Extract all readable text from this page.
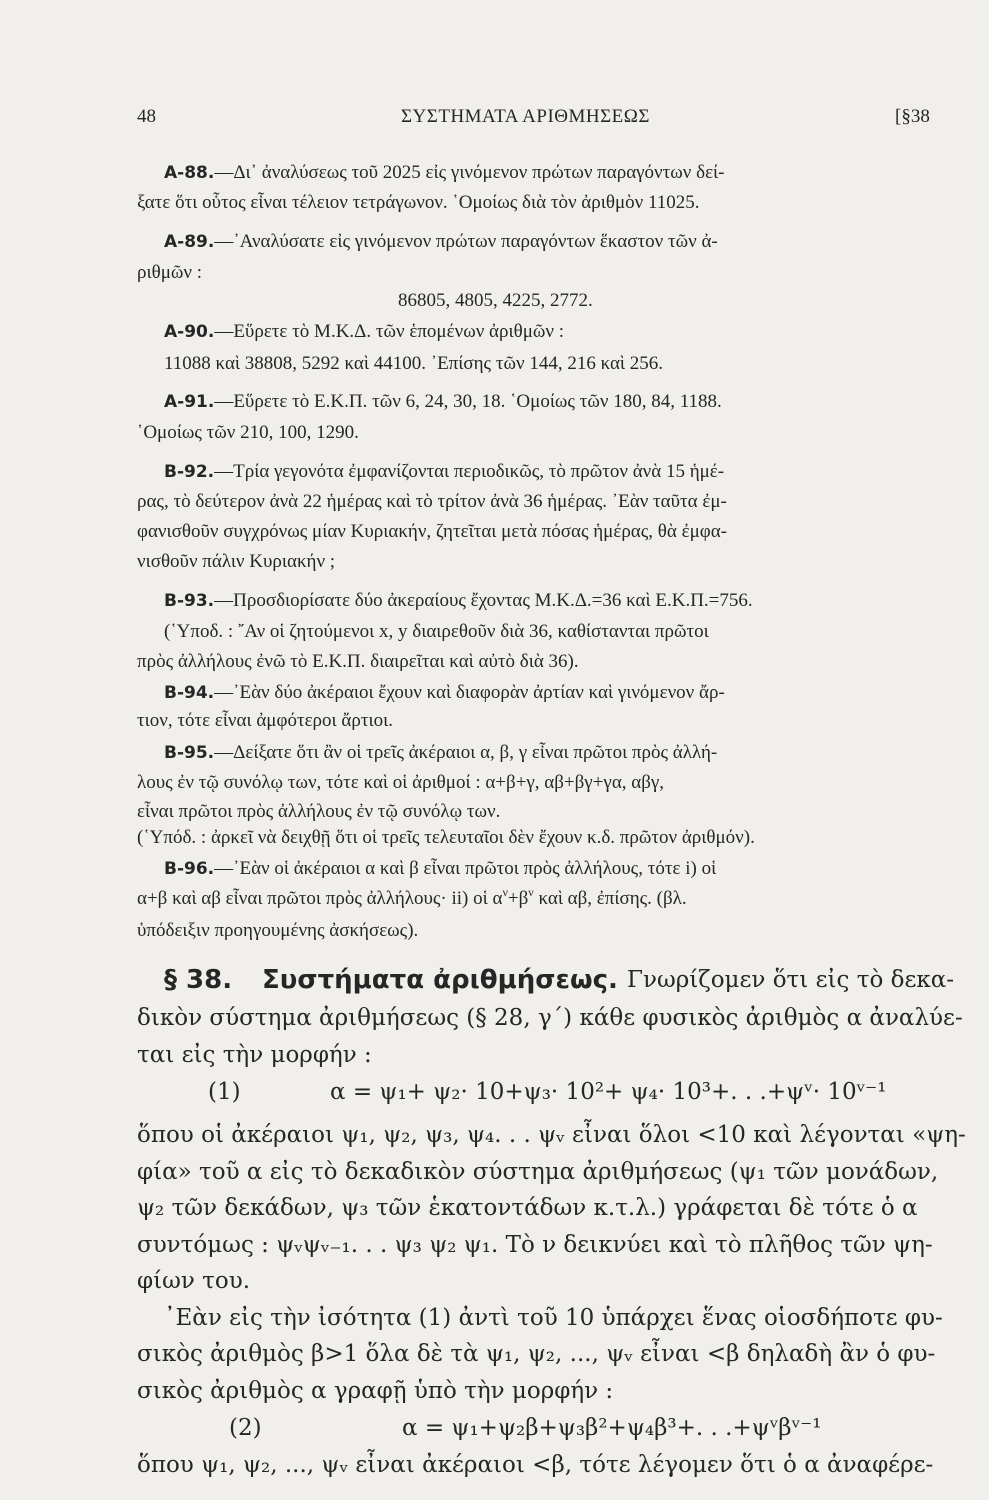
48	ΣΥΣΤΗΜΑΤΑ ΑΡΙΘΜΗΣΕΩΣ	[§38
A-88.—Δι᾿ ἀναλύσεως τοῦ 2025 εἰς γινόμενον πρώτων παραγόντων δεί-
ξατε ὅτι οὗτος εἶναι τέλειον τετράγωνον. ῾Ομοίως διὰ τὸν ἀριθμὸν 11025.
A-89.—᾿Αναλύσατε εἰς γινόμενον πρώτων παραγόντων ἕκαστον τῶν ἀ-
ριθμῶν :
86805, 4805, 4225, 2772.
A-90.—Εὕρετε τὸ Μ.Κ.Δ. τῶν ἑπομένων ἀριθμῶν :
11088 καὶ 38808, 5292 καὶ 44100. ᾿Επίσης τῶν 144, 216 καὶ 256.
A-91.—Εὕρετε τὸ Ε.Κ.Π. τῶν 6, 24, 30, 18. ῾Ομοίως τῶν 180, 84, 1188.
῾Ομοίως τῶν 210, 100, 1290.
B-92.—Τρία γεγονότα ἐμφανίζονται περιοδικῶς, τὸ πρῶτον ἀνὰ 15 ἡμέ-
ρας, τὸ δεύτερον ἀνὰ 22 ἡμέρας καὶ τὸ τρίτον ἀνὰ 36 ἡμέρας. ᾿Εὰν ταῦτα ἐμ-
φανισθοῦν συγχρόνως μίαν Κυριακήν, ζητεῖται μετὰ πόσας ἡμέρας, θὰ ἐμφα-
νισθοῦν πάλιν Κυριακήν ;
B-93.—Προσδιορίσατε δύο ἀκεραίους ἔχοντας Μ.Κ.Δ.=36 καὶ Ε.Κ.Π.=756.
(῾Υποδ. : ῎Αν οἱ ζητούμενοι x, y διαιρεθοῦν διὰ 36, καθίστανται πρῶτοι
πρὸς ἀλλήλους ἐνῶ τὸ Ε.Κ.Π. διαιρεῖται καὶ αὐτὸ διὰ 36).
B-94.—᾿Εὰν δύο ἀκέραιοι ἔχουν καὶ διαφορὰν ἀρτίαν καὶ γινόμενον ἄρ-
τιον, τότε εἶναι ἀμφότεροι ἄρτιοι.
B-95.—Δείξατε ὅτι ἂν οἱ τρεῖς ἀκέραιοι α, β, γ εἶναι πρῶτοι πρὸς ἀλλή-
λους ἐν τῷ συνόλῳ των, τότε καὶ οἱ ἀριθμοί : α+β+γ, αβ+βγ+γα, αβγ,
εἶναι πρῶτοι πρὸς ἀλλήλους ἐν τῷ συνόλῳ των.
(῾Υπόδ. : ἀρκεῖ νὰ δειχθῇ ὅτι οἱ τρεῖς τελευταῖοι δὲν ἔχουν κ.δ. πρῶτον ἀριθμόν).
B-96.—᾿Εὰν οἱ ἀκέραιοι α καὶ β εἶναι πρῶτοι πρὸς ἀλλήλους, τότε i) οἱ
α+β καὶ αβ εἶναι πρῶτοι πρὸς ἀλλήλους· ii) οἱ $\alpha^\nu+\beta^\nu$ καὶ αβ, ἐπίσης. (βλ.
ὑπόδειξιν προηγουμένης ἀσκήσεως).
§ 38. Συστήματα ἀριθμήσεως. Γνωρίζομεν ὅτι εἰς τὸ δεκα-
δικὸν σύστημα ἀριθμήσεως (§ 28, γ΄) κάθε φυσικὸς ἀριθμὸς α ἀναλύε-
ται εἰς τὴν μορφήν :
(1)	α = ψ₁+ ψ₂· 10+ψ₃· 10²+ ψ₄· 10³+. . .+ψᵛ· 10ᵛ⁻¹
ὅπου οἱ ἀκέραιοι ψ₁, ψ₂, ψ₃, ψ₄. . . ψᵥ εἶναι ὅλοι <10 καὶ λέγονται «ψη-
φία» τοῦ α εἰς τὸ δεκαδικὸν σύστημα ἀριθμήσεως (ψ₁ τῶν μονάδων,
ψ₂ τῶν δεκάδων, ψ₃ τῶν ἑκατοντάδων κ.τ.λ.) γράφεται δὲ τότε ὁ α
συντόμως : ψᵥψᵥ₋₁. . . ψ₃ ψ₂ ψ₁. Τὸ ν δεικνύει καὶ τὸ πλῆθος τῶν ψη-
φίων του.
᾿Εὰν εἰς τὴν ἰσότητα (1) ἀντὶ τοῦ 10 ὑπάρχει ἕνας οἱοσδήποτε φυ-
σικὸς ἀριθμὸς β>1 ὅλα δὲ τὰ ψ₁, ψ₂, ..., ψᵥ εἶναι <β δηλαδὴ ἂν ὁ φυ-
σικὸς ἀριθμὸς α γραφῇ ὑπὸ τὴν μορφήν :
(2)	α = ψ₁+ψ₂β+ψ₃β²+ψ₄β³+. . .+ψᵛβᵛ⁻¹
ὅπου ψ₁, ψ₂, ..., ψᵥ εἶναι ἀκέραιοι <β, τότε λέγομεν ὅτι ὁ α ἀναφέρε-
